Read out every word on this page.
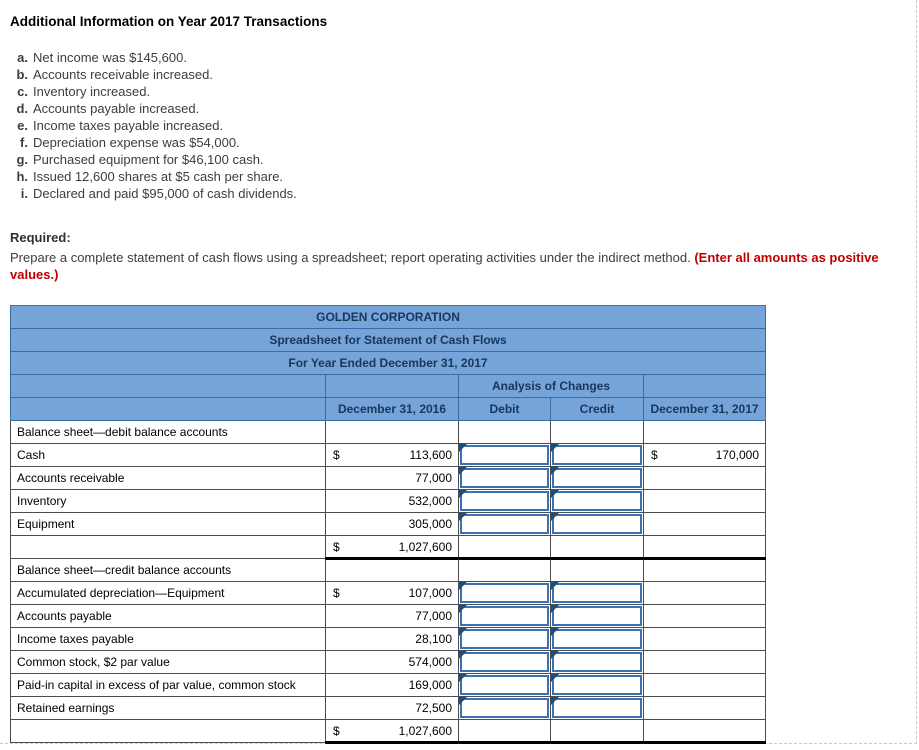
Additional Information on Year 2017 Transactions
a. Net income was $145,600.
b. Accounts receivable increased.
c. Inventory increased.
d. Accounts payable increased.
e. Income taxes payable increased.
f. Depreciation expense was $54,000.
g. Purchased equipment for $46,100 cash.
h. Issued 12,600 shares at $5 cash per share.
i. Declared and paid $95,000 of cash dividends.
Required:

Prepare a complete statement of cash flows using a spreadsheet; report operating activities under the indirect method. (Enter all amounts as positive values.)

GOLDEN CORPORATION				
Spreadsheet for Statement of Cash Flows				
For Year Ended December 31, 2017				
		Analysis of Changes		
	December 31, 2016	Debit	Credit	December 31, 2017
Balance sheet—debit balance accounts				
Cash	$ 113,600			$ 170,000
Accounts receivable	77,000	

Inventory	532,000	

Equipment	305,000	

	$ 1,027,600			
Balance sheet—credit balance accounts				
Accumulated depreciation—Equipment	$ 107,000	

Accounts payable	77,000	

Income taxes payable	28,100	

Common stock, $2 par value	574,000	

Paid-in capital in excess of par value, common stock	169,000	

Retained earnings	72,500	

	$ 1,027,600			
